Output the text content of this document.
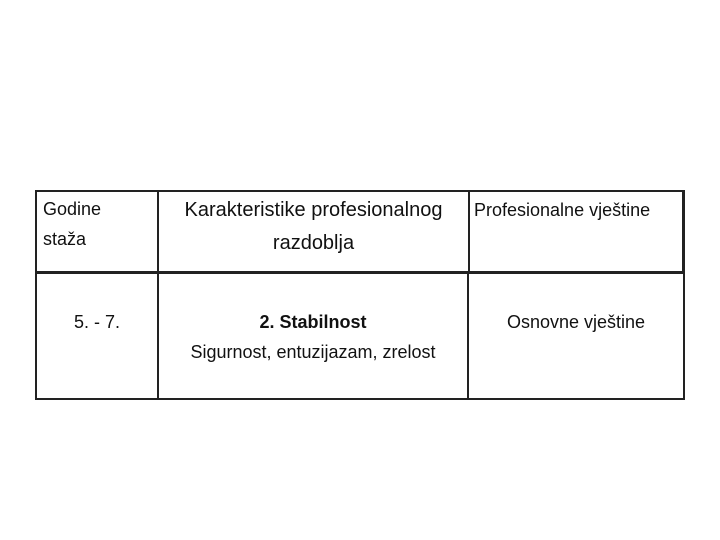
Godine
staža
Karakteristike profesionalnog
razdoblja
Profesionalne vještine
5. - 7.	2. Stabilnost
Sigurnost, entuzijazam, zrelost
Osnovne vještine
